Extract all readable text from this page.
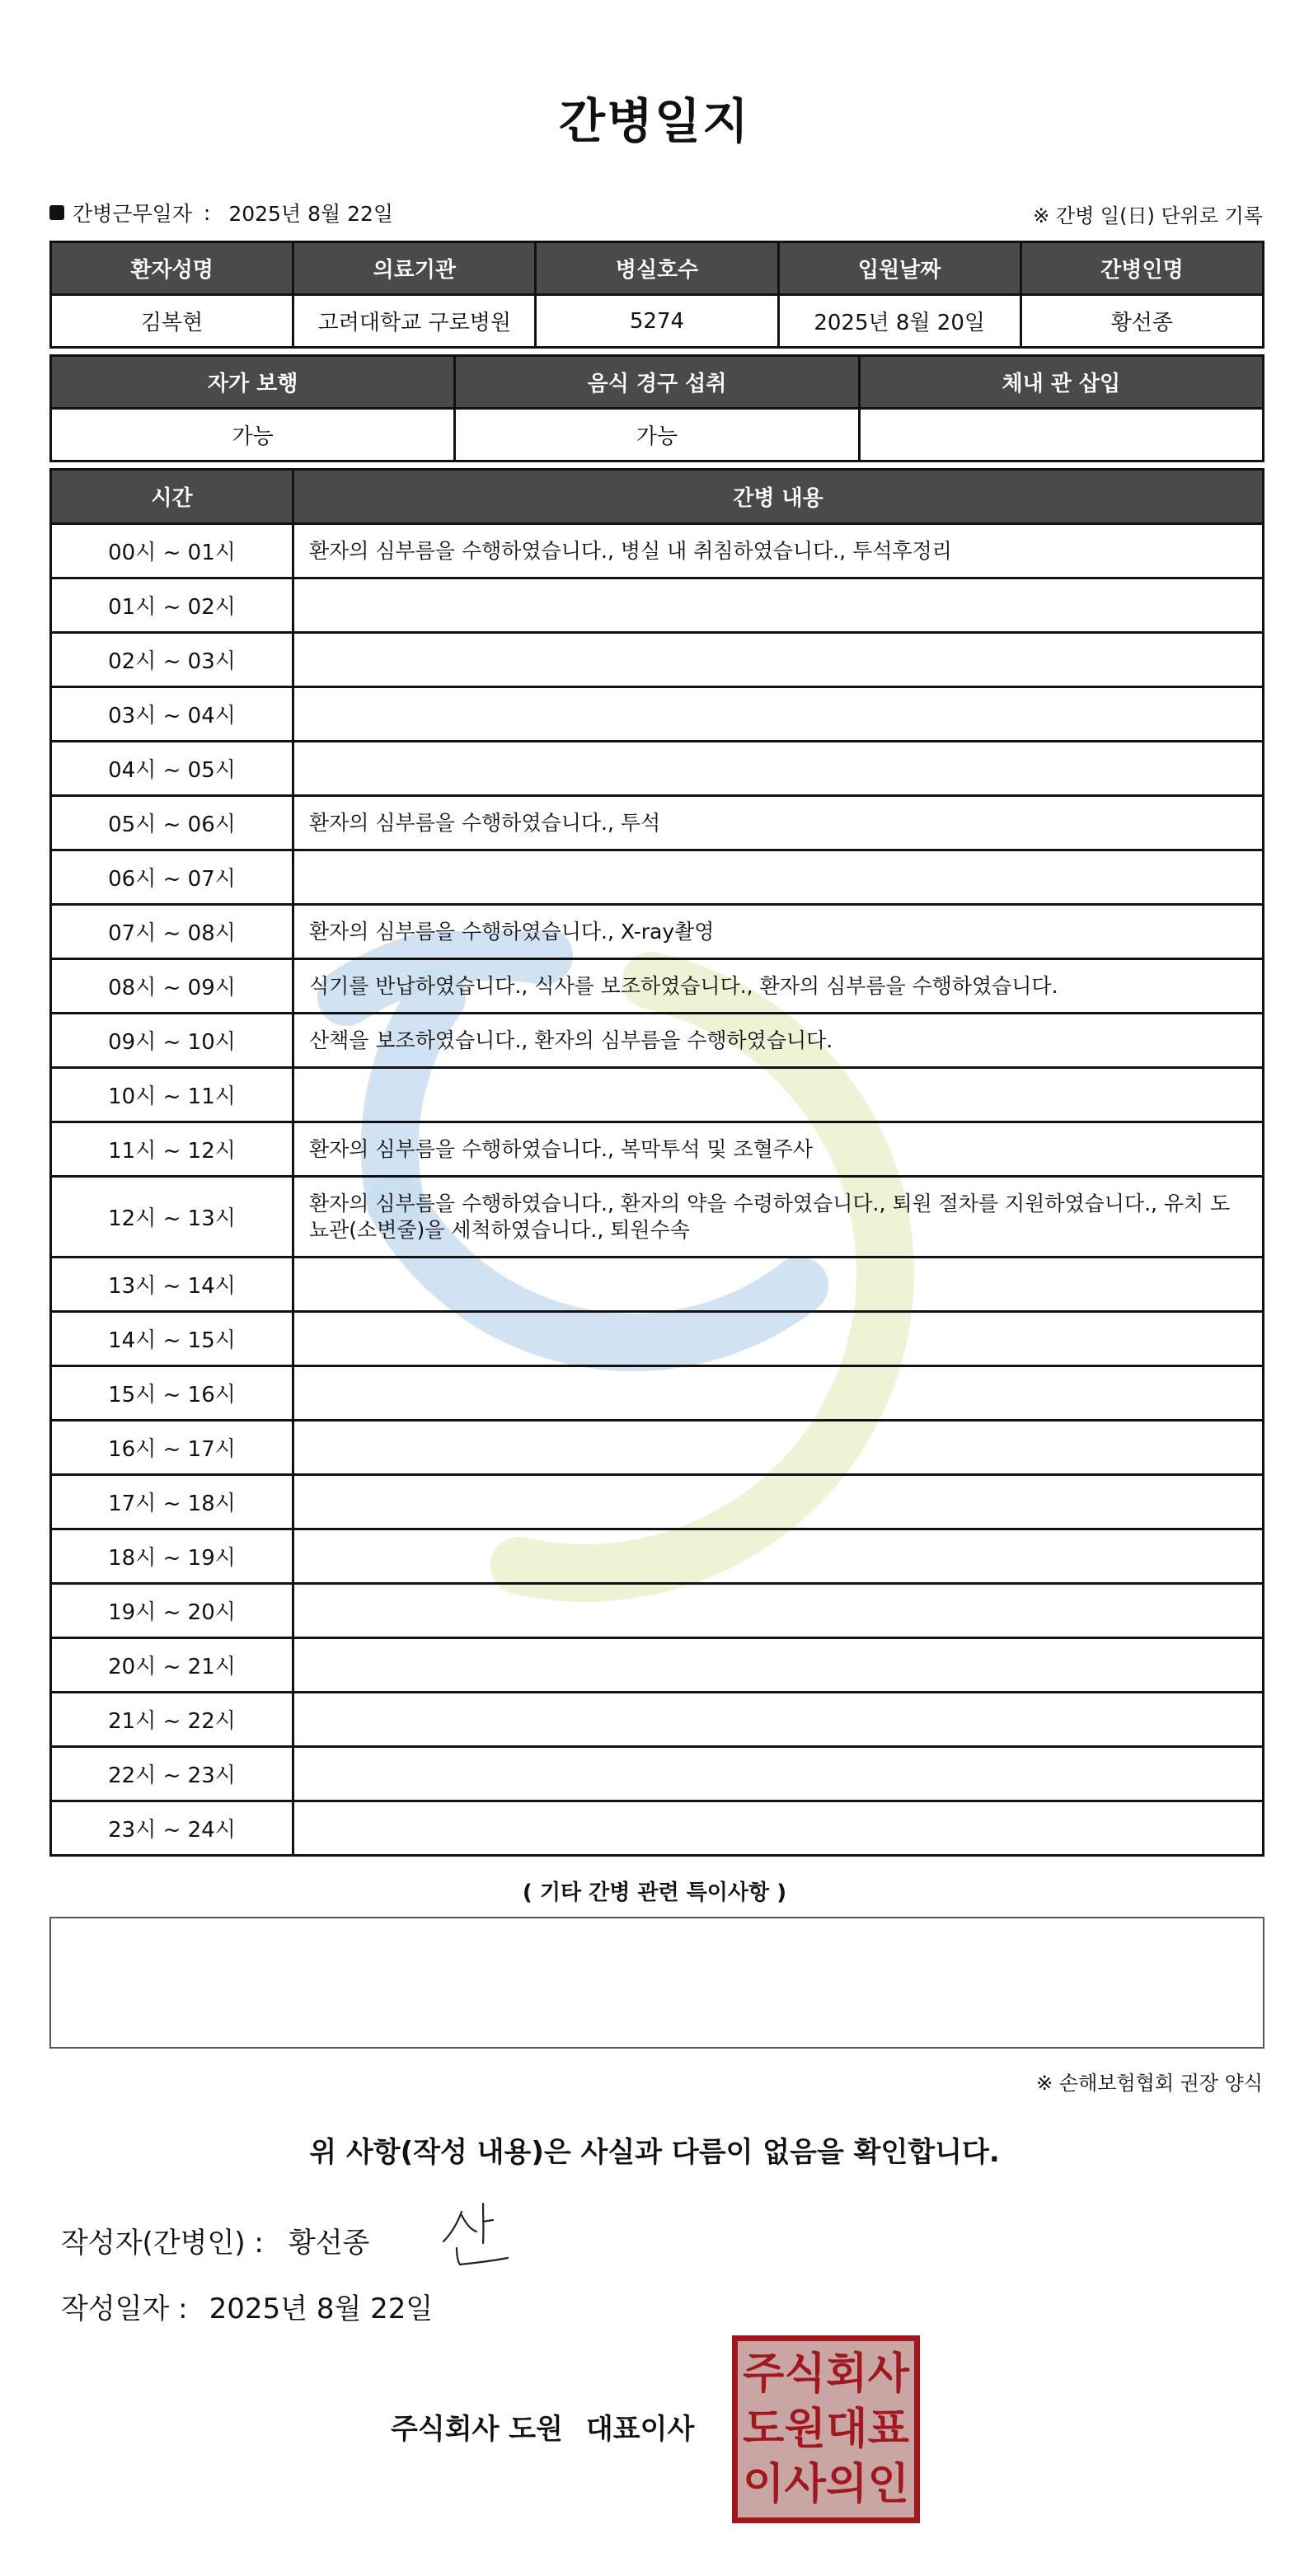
간병일지
간병근무일자 : 2025년 8월 22일	※ 간병 일(日) 단위로 기록
환자성명	의료기관	병실호수	입원날짜	간병인명
김복현	고려대학교 구로병원	5274	2025년 8월 20일	황선종
자가 보행	음식 경구 섭취	체내 관 삽입
가능	가능	
시간	간병 내용
00시 ~ 01시	환자의 심부름을 수행하였습니다., 병실 내 취침하였습니다., 투석후정리
01시 ~ 02시	
02시 ~ 03시	
03시 ~ 04시	
04시 ~ 05시	
05시 ~ 06시	환자의 심부름을 수행하였습니다., 투석
06시 ~ 07시	
07시 ~ 08시	환자의 심부름을 수행하였습니다., X-ray촬영
08시 ~ 09시	식기를 반납하였습니다., 식사를 보조하였습니다., 환자의 심부름을 수행하였습니다.
09시 ~ 10시	산책을 보조하였습니다., 환자의 심부름을 수행하였습니다.
10시 ~ 11시	
11시 ~ 12시	환자의 심부름을 수행하였습니다., 복막투석 및 조혈주사
12시 ~ 13시	환자의 심부름을 수행하였습니다., 환자의 약을 수령하였습니다., 퇴원 절차를 지원하였습니다., 유치 도뇨관(소변줄)을 세척하였습니다., 퇴원수속
13시 ~ 14시	
14시 ~ 15시	
15시 ~ 16시	
16시 ~ 17시	
17시 ~ 18시	
18시 ~ 19시	
19시 ~ 20시	
20시 ~ 21시	
21시 ~ 22시	
22시 ~ 23시	
23시 ~ 24시	
( 기타 간병 관련 특이사항 )
※ 손해보험협회 권장 양식
위 사항(작성 내용)은 사실과 다름이 없음을 확인합니다.
작성자(간병인) : 황선종
작성일자 : 2025년 8월 22일
주식회사 도원 대표이사
주 식 회 사
도 원 대 표
이 사 의 인
